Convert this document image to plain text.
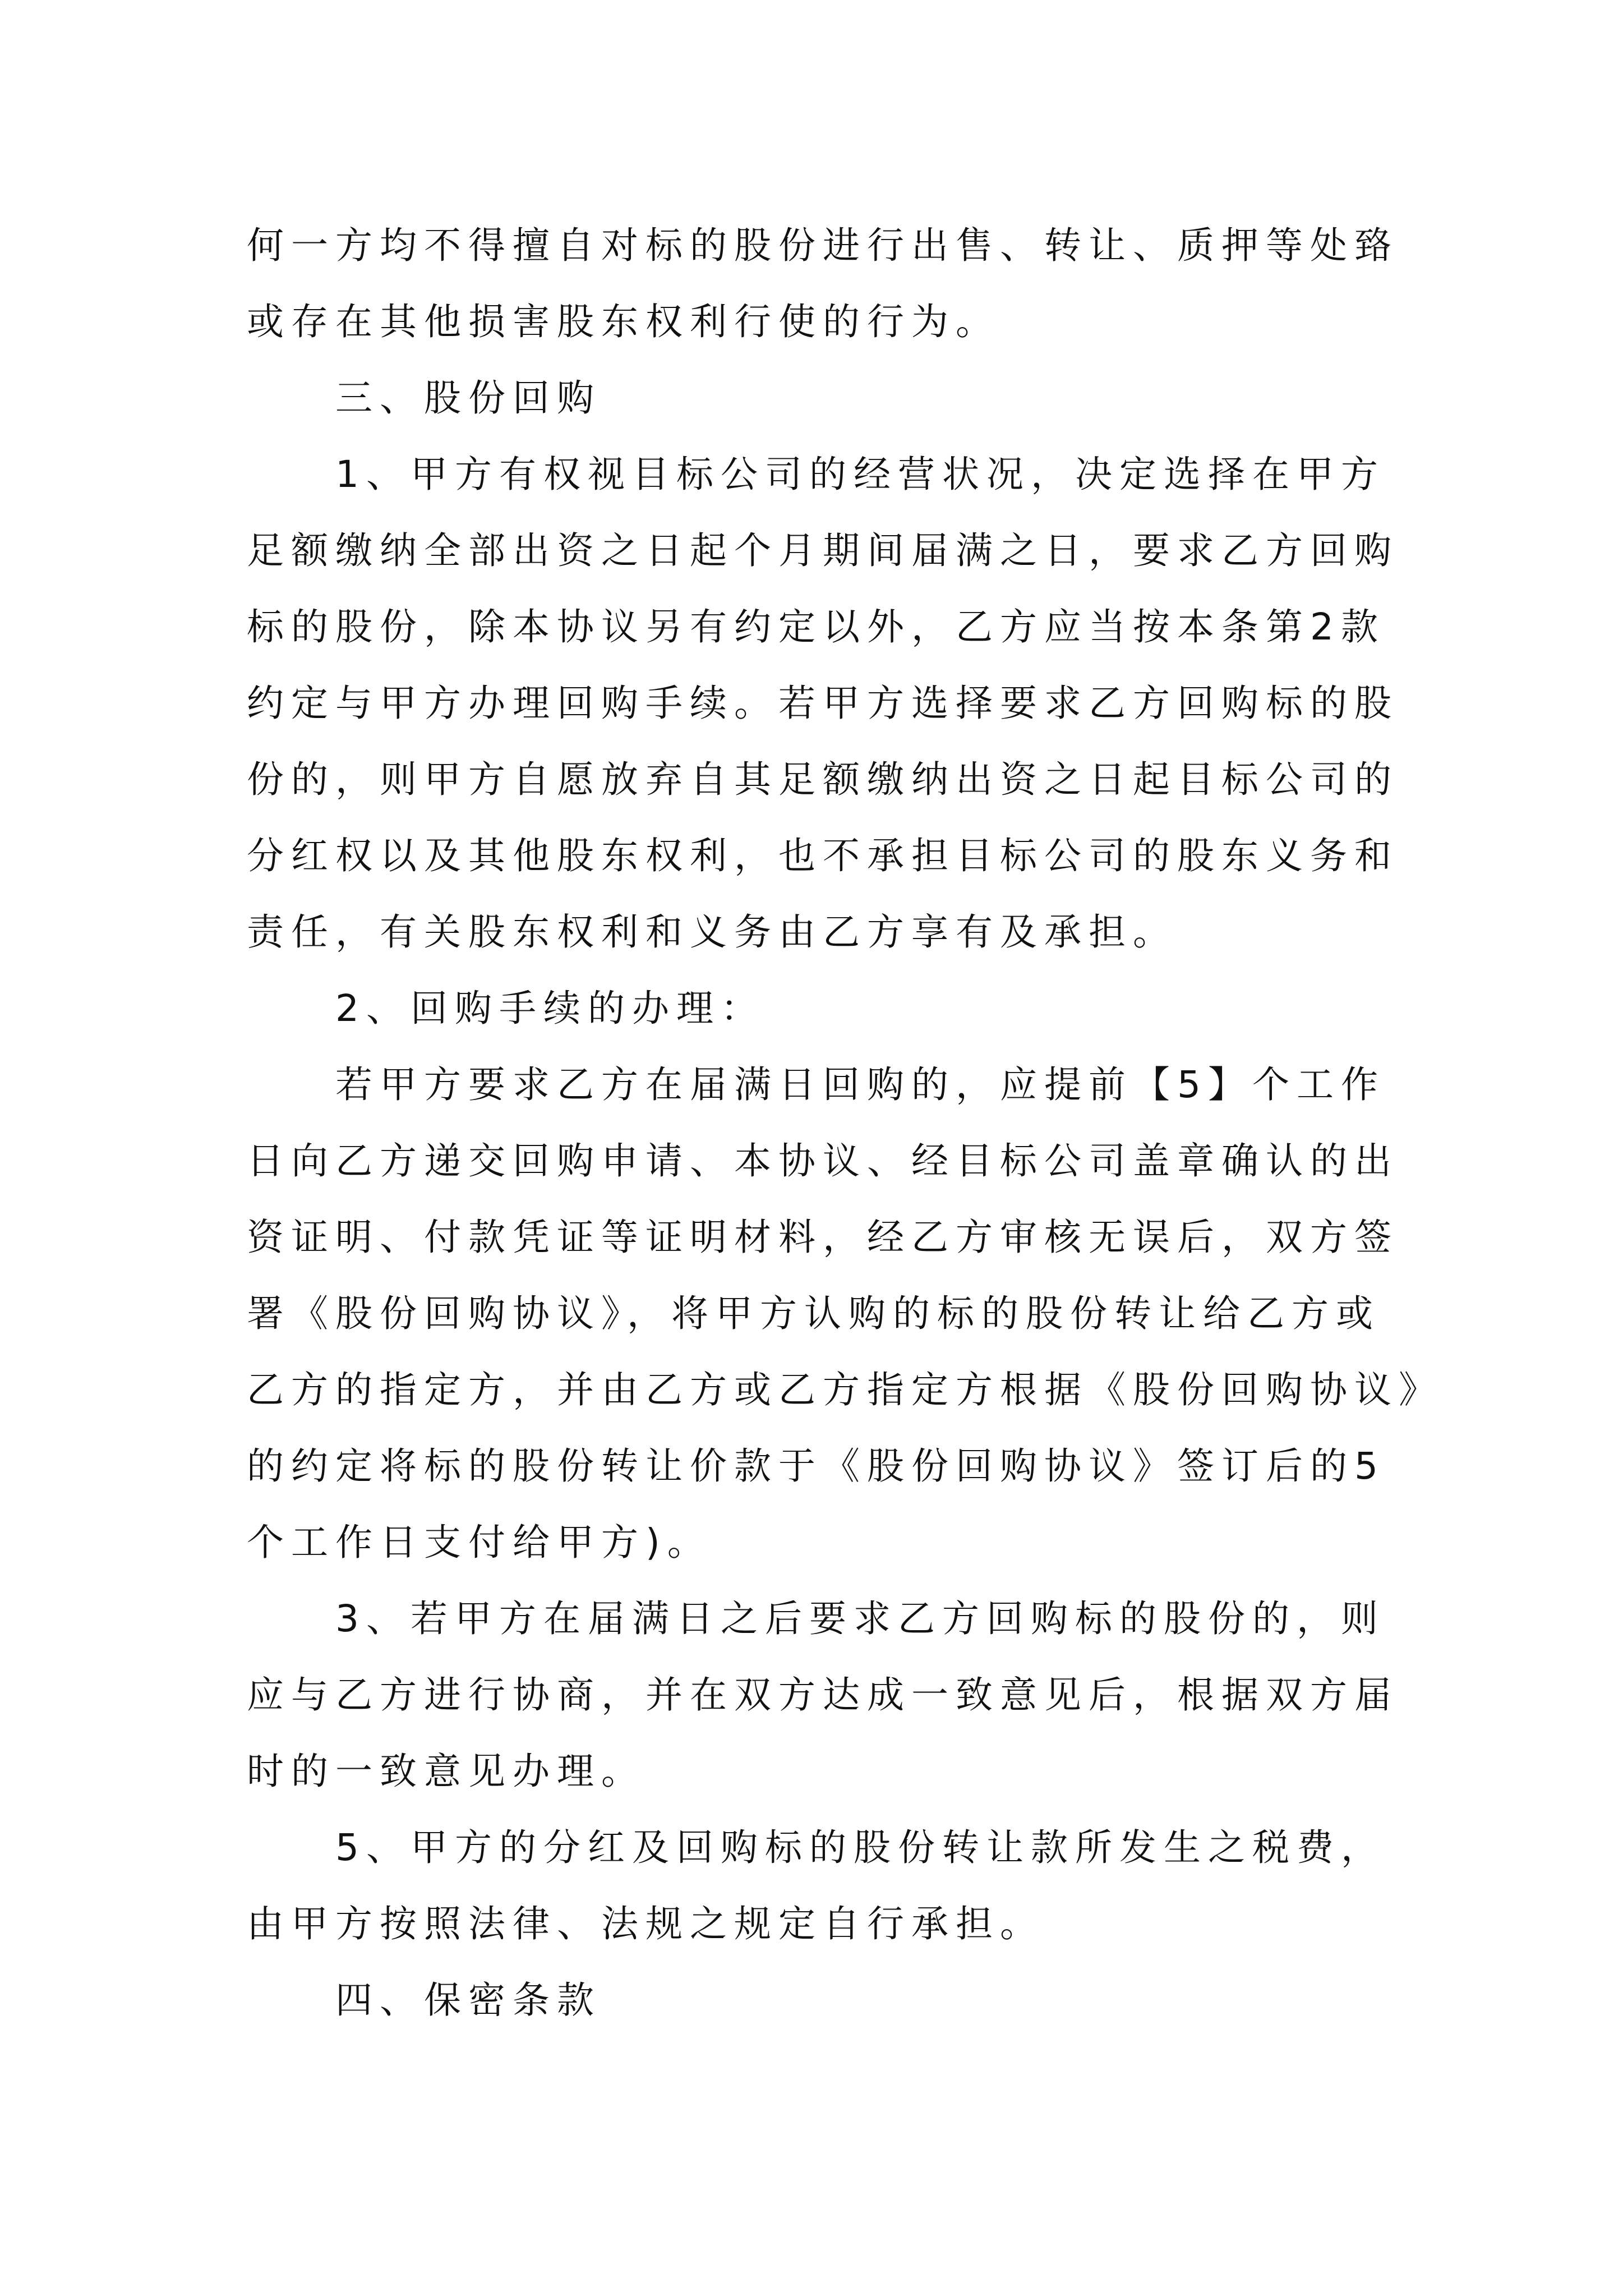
何一方均不得擅自对标的股份进行出售、转让、质押等处臵
或存在其他损害股东权利行使的行为。
三、股份回购
1、甲方有权视目标公司的经营状况，决定选择在甲方
足额缴纳全部出资之日起个月期间届满之日，要求乙方回购
标的股份，除本协议另有约定以外，乙方应当按本条第2款
约定与甲方办理回购手续。若甲方选择要求乙方回购标的股
份的，则甲方自愿放弃自其足额缴纳出资之日起目标公司的
分红权以及其他股东权利，也不承担目标公司的股东义务和
责任，有关股东权利和义务由乙方享有及承担。
2、回购手续的办理：
若甲方要求乙方在届满日回购的，应提前【5】个工作
日向乙方递交回购申请、本协议、经目标公司盖章确认的出
资证明、付款凭证等证明材料，经乙方审核无误后，双方签
署《股份回购协议》，将甲方认购的标的股份转让给乙方或
乙方的指定方，并由乙方或乙方指定方根据《股份回购协议》
的约定将标的股份转让价款于《股份回购协议》签订后的5
个工作日支付给甲方)。
3、若甲方在届满日之后要求乙方回购标的股份的，则
应与乙方进行协商，并在双方达成一致意见后，根据双方届
时的一致意见办理。
5、甲方的分红及回购标的股份转让款所发生之税费，
由甲方按照法律、法规之规定自行承担。
四、保密条款
